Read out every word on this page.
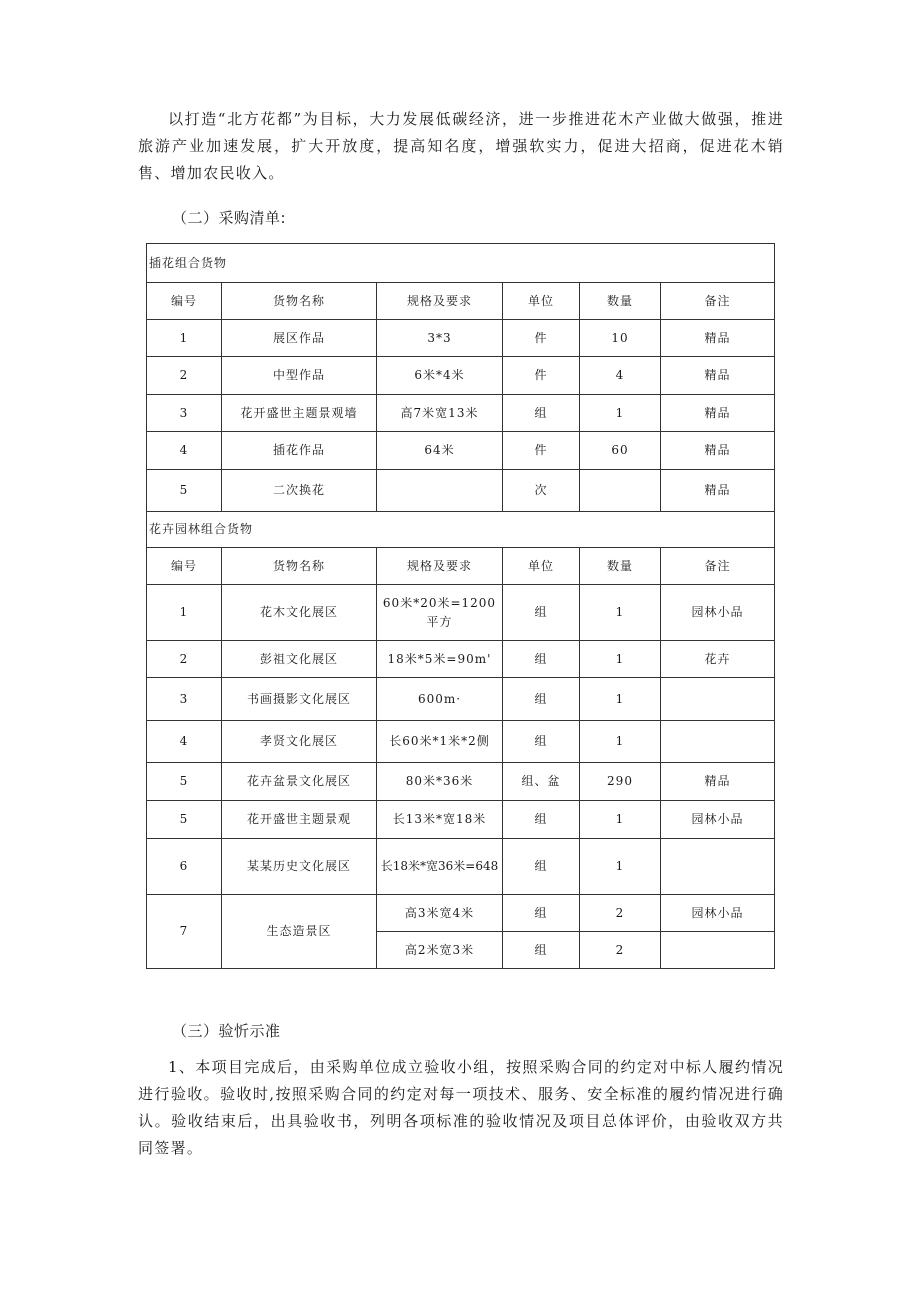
以打造“北方花都”为目标，大力发展低碳经济，进一步推进花木产业做大做强，推进旅游产业加速发展，扩大开放度，提高知名度，增强软实力，促进大招商，促进花木销售、增加农民收入。

（二）采购清单:

插花组合货物					
编号	货物名称	规格及要求	单位	数量	备注
1	展区作品	3*3	件	10	精品
2	中型作品	6米*4米	件	4	精品
3	花开盛世主题景观墙	高7米宽13米	组	1	精品
4	插花作品	64米	件	60	精品
5	二次换花		次		精品
花卉园林组合货物					
编号	货物名称	规格及要求	单位	数量	备注
1	花木文化展区	60米*20米=1200平方	组	1	园林小品
2	彭祖文化展区	18米*5米=90m'	组	1	花卉
3	书画摄影文化展区	600m·	组	1	
4	孝贤文化展区	长60米*1米*2侧	组	1	
5	花卉盆景文化展区	80米*36米	组、盆	290	精品
5	花开盛世主题景观	长13米*宽18米	组	1	园林小品
6	某某历史文化展区	长18米*宽36米=648	组	1	
7	生态造景区	高3米宽4米	组	2	园林小品
		高2米宽3米	组	2	

（三）验忻示准

1、本项目完成后，由采购单位成立验收小组，按照采购合同的约定对中标人履约情况进行验收。验收时,按照采购合同的约定对每一项技术、服务、安全标准的履约情况进行确认。验收结束后，出具验收书，列明各项标准的验收情况及项目总体评价，由验收双方共同签署。
